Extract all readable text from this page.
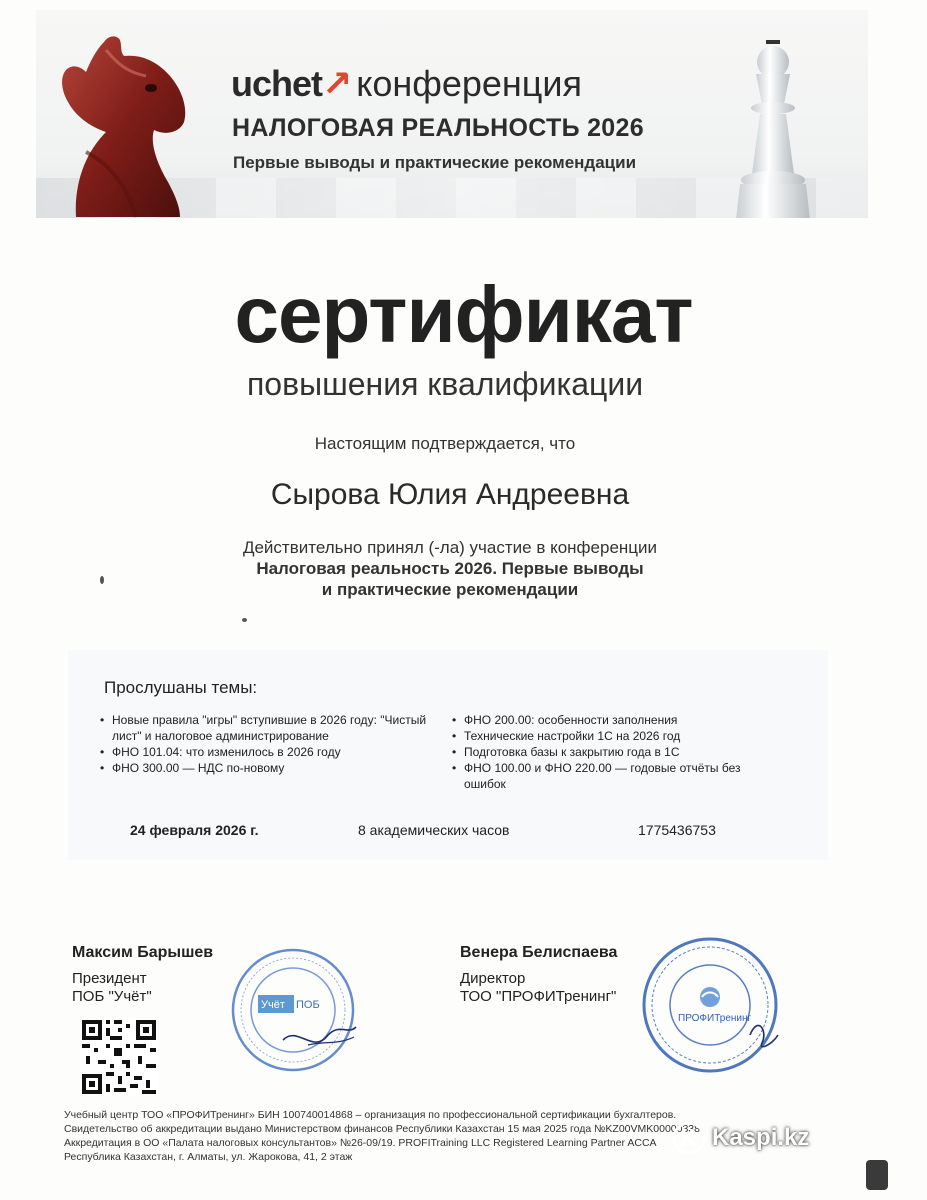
uchet↗ конференция
НАЛОГОВАЯ РЕАЛЬНОСТЬ 2026
Первые выводы и практические рекомендации
сертификат
повышения квалификации
Настоящим подтверждается, что
Сырова Юлия Андреевна
Действительно принял (-ла) участие в конференции
Налоговая реальность 2026. Первые выводы
и практические рекомендации
Прослушаны темы:
• Новые правила "игры" вступившие в 2026 году: "Чистый лист" и налоговое администрирование
• ФНО 101.04: что изменилось в 2026 году
• ФНО 300.00 — НДС по-новому
• ФНО 200.00: особенности заполнения
• Технические настройки 1С на 2026 год
• Подготовка базы к закрытию года в 1С
• ФНО 100.00 и ФНО 220.00 — годовые отчёты без ошибок
24 февраля 2026 г.	8 академических часов	1775436753
Максим Барышев
Президент
ПОБ "Учёт"	Учёт ПОБ
Венера Белиспаева
Директор
ТОО "ПРОФИТренинг"
ПРОФИТренинг
Учебный центр ТОО «ПРОФИТренинг» БИН 100740014868 – организация по профессиональной сертификации бухгалтеров.
Свидетельство об аккредитации выдано Министерством финансов Республики Казахстан 15 мая 2025 года №KZ00VMK00000338
Аккредитация в ОО «Палата налоговых консультантов» №26-09/19. PROFITraining LLC Registered Learning Partner ACCA
Республика Казахстан, г. Алматы, ул. Жарокова, 41, 2 этаж
Kaspi.kz
